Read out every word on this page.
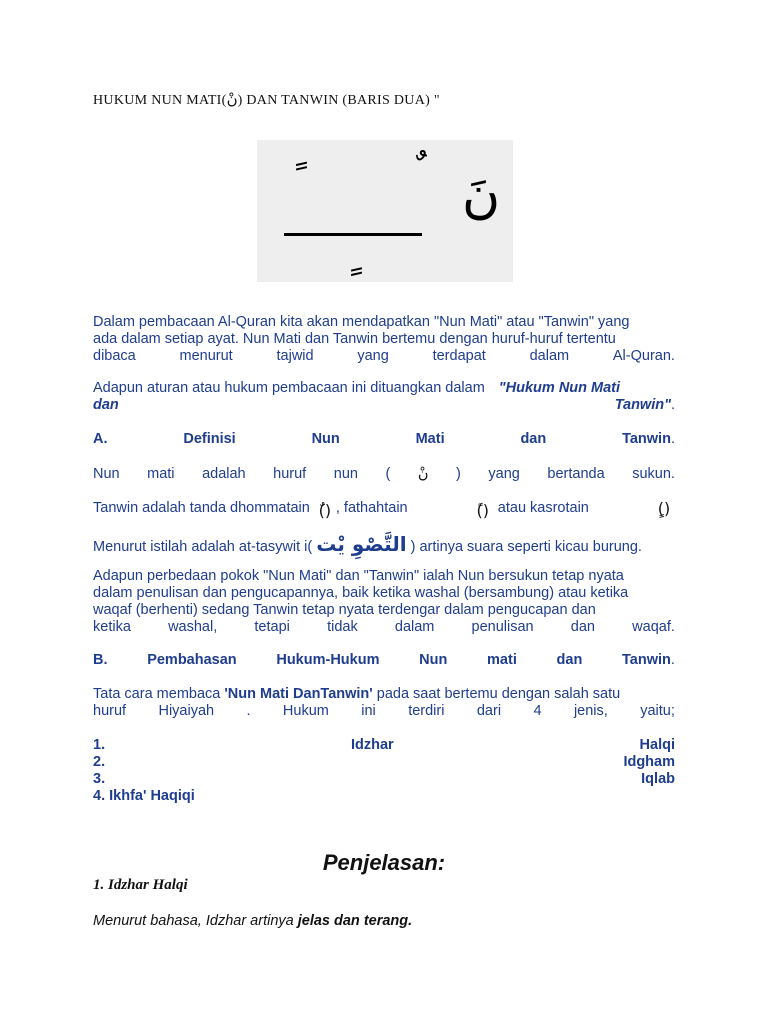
HUKUM NUN MATI(نْ) DAN TANWIN (BARIS DUA) "
نَ
Dalam pembacaan Al-Quran kita akan mendapatkan "Nun Mati" atau "Tanwin" yang
ada dalam setiap ayat. Nun Mati dan Tanwin bertemu dengan huruf-huruf tertentu
dibaca	menurut	tajwid	yang	terdapat	dalam	Al-Quran.
Adapun aturan atau hukum pembacaan ini dituangkan dalam "Hukum Nun Mati
dan	Tanwin".
A.	Definisi	Nun	Mati	dan	Tanwin.
Nun mati adalah huruf nun ( نْ ) yang bertanda sukun.
Tanwin adalah tanda dhommatain () , fathahtain	() atau kasrotain	()
Menurut istilah adalah at-tasywit i( التَّصْوِ يْت ) artinya suara seperti kicau burung.
Adapun perbedaan pokok "Nun Mati" dan "Tanwin" ialah Nun bersukun tetap nyata
dalam penulisan dan pengucapannya, baik ketika washal (bersambung) atau ketika
waqaf (berhenti) sedang Tanwin tetap nyata terdengar dalam pengucapan dan
ketika	washal,	tetapi	tidak	dalam	penulisan	dan	waqaf.
B.	Pembahasan	Hukum-Hukum	Nun	mati	dan	Tanwin.
Tata cara membaca 'Nun Mati DanTanwin' pada saat bertemu dengan salah satu
huruf Hiyaiyah . Hukum ini terdiri dari 4 jenis, yaitu;
1.	Idzhar	Halqi
2.	Idgham
3.	Iqlab
4. Ikhfa' Haqiqi
Penjelasan:
1. Idzhar Halqi
Menurut bahasa, Idzhar artinya jelas dan terang.
